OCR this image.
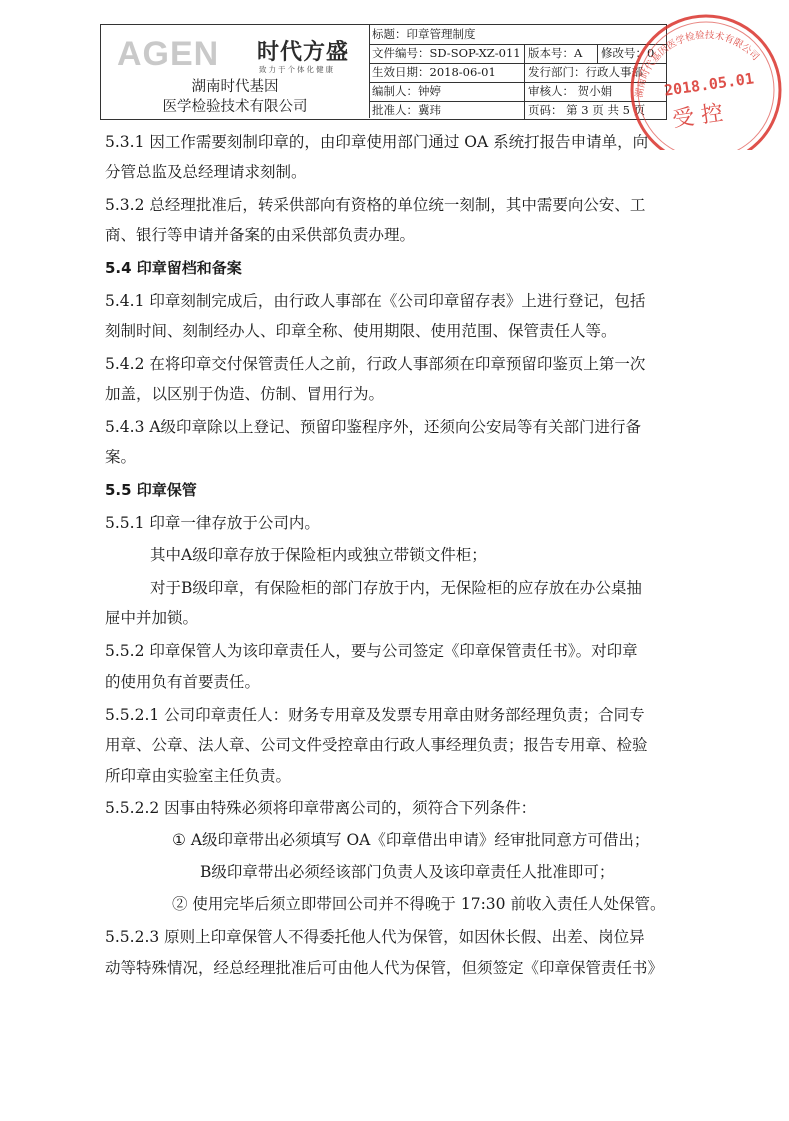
AGEN 时代方盛
致力于个体化健康
湖南时代基因
医学检验技术有限公司
标题：印章管理制度
文件编号：SD-SOP-XZ-011 版本号：A	修改号：0
生效日期：2018-06-01	发行部门：行政人事部
编制人：钟婷	审核人： 贺小娟
批准人：冀玮	页码： 第 3 页 共 5 页
湖南时代基因医学检验技术有限公司
2018.05.01
受 控
5.3.1 因工作需要刻制印章的，由印章使用部门通过 OA 系统打报告申请单，向
分管总监及总经理请求刻制。
5.3.2 总经理批准后，转采供部向有资格的单位统一刻制，其中需要向公安、工
商、银行等申请并备案的由采供部负责办理。
5.4 印章留档和备案
5.4.1 印章刻制完成后，由行政人事部在《公司印章留存表》上进行登记，包括
刻制时间、刻制经办人、印章全称、使用期限、使用范围、保管责任人等。
5.4.2 在将印章交付保管责任人之前，行政人事部须在印章预留印鉴页上第一次
加盖，以区别于伪造、仿制、冒用行为。
5.4.3 A级印章除以上登记、预留印鉴程序外，还须向公安局等有关部门进行备
案。
5.5 印章保管
5.5.1 印章一律存放于公司内。
其中A级印章存放于保险柜内或独立带锁文件柜；
对于B级印章，有保险柜的部门存放于内，无保险柜的应存放在办公桌抽
屉中并加锁。
5.5.2 印章保管人为该印章责任人，要与公司签定《印章保管责任书》。对印章
的使用负有首要责任。
5.5.2.1 公司印章责任人：财务专用章及发票专用章由财务部经理负责；合同专
用章、公章、法人章、公司文件受控章由行政人事经理负责；报告专用章、检验
所印章由实验室主任负责。
5.5.2.2 因事由特殊必须将印章带离公司的，须符合下列条件：
① A级印章带出必须填写 OA《印章借出申请》经审批同意方可借出；
B级印章带出必须经该部门负责人及该印章责任人批准即可；
② 使用完毕后须立即带回公司并不得晚于 17:30 前收入责任人处保管。
5.5.2.3 原则上印章保管人不得委托他人代为保管，如因休长假、出差、岗位异
动等特殊情况，经总经理批准后可由他人代为保管，但须签定《印章保管责任书》
